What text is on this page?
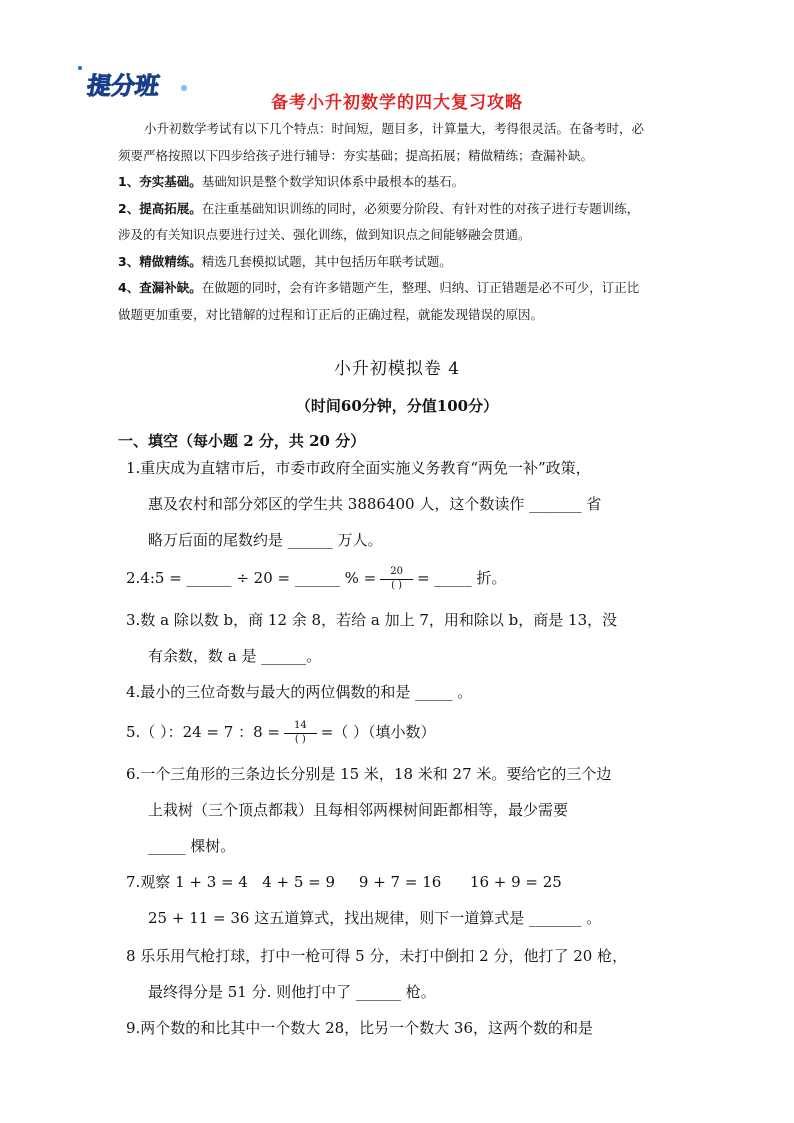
小升初
提分班
备考小升初数学的四大复习攻略

小升初数学考试有以下几个特点：时间短，题目多，计算量大，考得很灵活。在备考时，必

须要严格按照以下四步给孩子进行辅导：夯实基础；提高拓展；精做精练；查漏补缺。

1、夯实基础。基础知识是整个数学知识体系中最根本的基石。

2、提高拓展。在注重基础知识训练的同时，必须要分阶段、有针对性的对孩子进行专题训练，

涉及的有关知识点要进行过关、强化训练，做到知识点之间能够融会贯通。

3、精做精练。精选几套模拟试题，其中包括历年联考试题。

4、查漏补缺。在做题的同时，会有许多错题产生，整理、归纳、订正错题是必不可少，订正比

做题更加重要，对比错解的过程和订正后的正确过程，就能发现错误的原因。

小升初模拟卷 4
（时间60分钟，分值100分）
一、填空（每小题 2 分，共 20 分）
1.重庆成为直辖市后，市委市政府全面实施义务教育“两免一补”政策，
惠及农村和部分郊区的学生共 3886400 人，这个数读作 _______ 省
略万后面的尾数约是 ______ 万人。
2.4:5 = ______ ÷ 20 = ______ % = $\frac{20}{( )}$ = _____ 折。
3.数 a 除以数 b，商 12 余 8，若给 a 加上 7，用和除以 b，商是 13，没
有余数，数 a 是 ______。
4.最小的三位奇数与最大的两位偶数的和是 _____ 。
5.（ ）：24 = 7 ：$8 = \frac{14}{( )}$ =（ ）（填小数）
6.一个三角形的三条边长分别是 15 米，18 米和 27 米。要给它的三个边
上栽树（三个顶点都栽）且每相邻两棵树间距都相等，最少需要
_____ 棵树。
7.观察 1 + 3 = 4   4 + 5 = 9     9 + 7 = 16      16 + 9 = 25
25 + 11 = 36 这五道算式，找出规律，则下一道算式是 _______ 。
8 乐乐用气枪打球，打中一枪可得 5 分，未打中倒扣 2 分，他打了 20 枪，
最终得分是 51 分. 则他打中了 ______ 枪。
9.两个数的和比其中一个数大 28，比另一个数大 36，这两个数的和是
